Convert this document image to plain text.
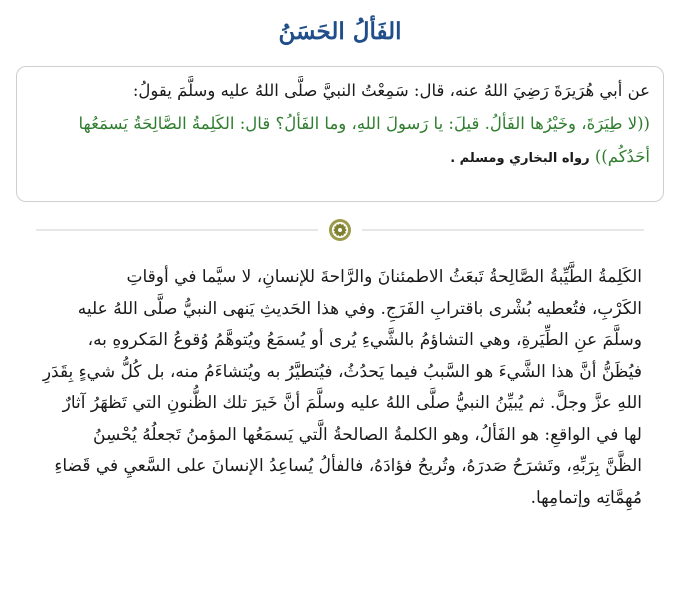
الفَألُ الحَسَنُ

عن أبي هُرَيرَةَ رَضِيَ اللهُ عنه، قال: سَمِعْتُ النبيَّ صلَّى اللهُ عليه وسلَّمَ يقولُ:
((لا طِيَرَةَ، وخَيْرُها الفَألُ. قيلَ: يا رَسولَ اللهِ، وما الفَألُ؟ قال: الكَلِمةُ الصَّالِحَةُ يَسمَعُها أحَدُكُم)) رواه البخاري ومسلم .

الكَلِمةُ الطَّيِّبةُ الصَّالِحةُ تَبعَثُ الاطمئنانَ والرَّاحةَ للإنسانِ، لا سيَّما في أوقاتِ
الكَرْبِ، فتُعطيه بُشْرى باقترابِ الفَرَجِ. وفي هذا الحَديثِ يَنهى النبيُّ صلَّى اللهُ عليه
وسلَّمَ عنِ الطِّيَرةِ، وهي التشاؤمُ بالشَّيءِ يُرى أو يُسمَعُ ويُتوهَّمُ وُقوعُ المَكروهِ به،
فيُظَنُّ أنَّ هذا الشَّيءَ هو السَّببُ فيما يَحدُثُ، فيُتطيَّرُ به ويُتشاءَمُ منه، بل كُلُّ شيءٍ بِقَدَرِ
اللهِ عزَّ وجلَّ. ثم يُبيِّنُ النبيُّ صلَّى اللهُ عليه وسلَّمَ أنَّ خَيرَ تلك الظُّنونِ التي تَظهَرُ آثارٌ
لها في الواقعِ: هو الفَألُ، وهو الكلمةُ الصالحةُ الَّتي يَسمَعُها المؤمنُ تَجعلُهُ يُحْسِنُ
الظَّنَّ بِرَبِّهِ، وتَشرَحُ صَدرَهُ، وتُريحُ فؤادَهُ، فالفألُ يُساعِدُ الإنسانَ على السَّعيِ في قَضاءِ
مُهِمَّاتِه وإتمامِها.
